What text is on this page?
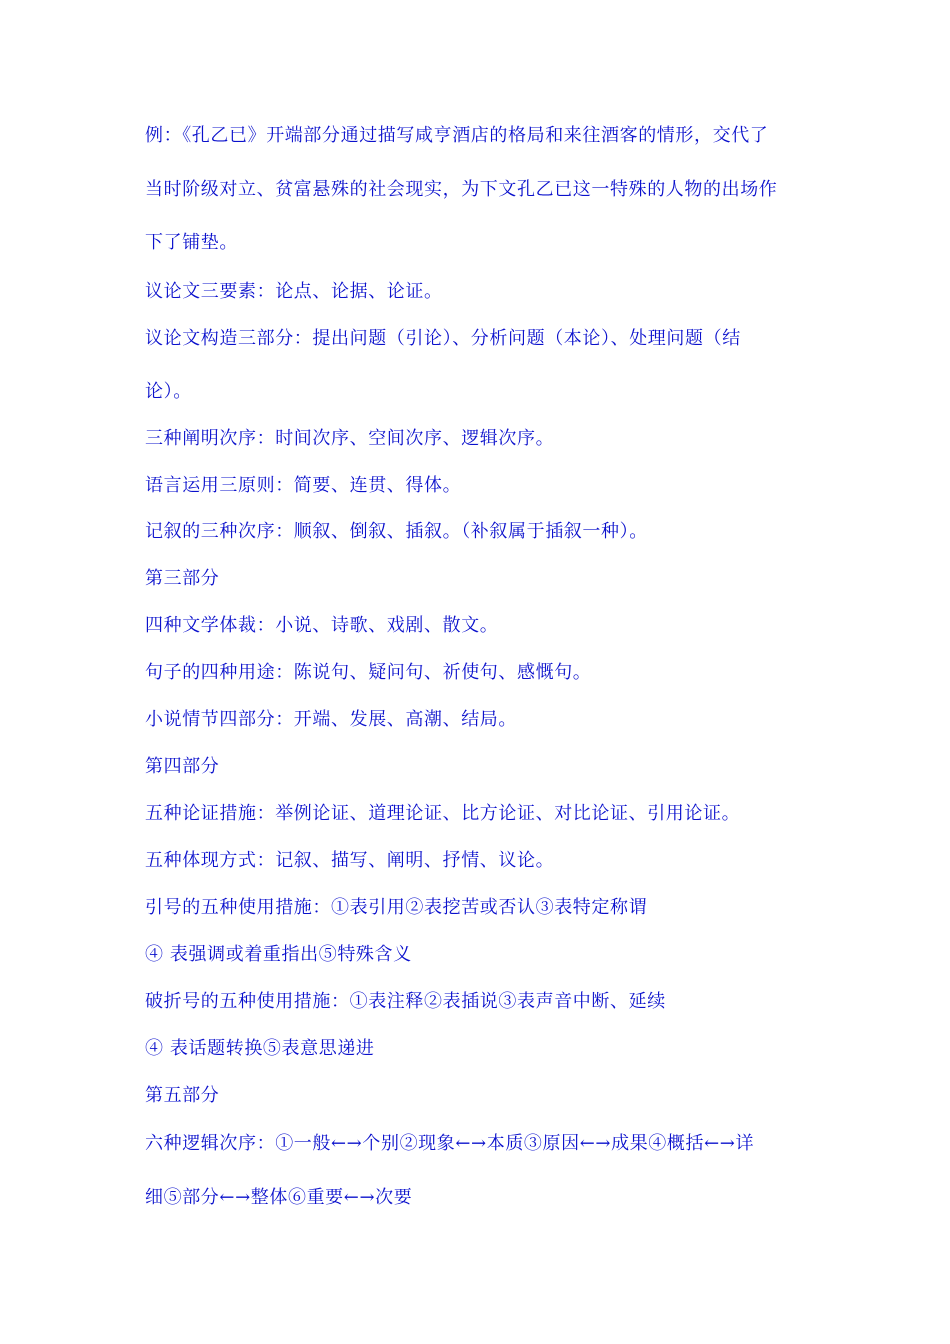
例：《孔乙已》开端部分通过描写咸亨酒店的格局和来往酒客的情形，交代了
当时阶级对立、贫富悬殊的社会现实，为下文孔乙已这一特殊的人物的出场作
下了铺垫。
议论文三要素：论点、论据、论证。
议论文构造三部分：提出问题（引论）、分析问题（本论）、处理问题（结
论）。
三种阐明次序：时间次序、空间次序、逻辑次序。
语言运用三原则：简要、连贯、得体。
记叙的三种次序：顺叙、倒叙、插叙。（补叙属于插叙一种）。
第三部分
四种文学体裁：小说、诗歌、戏剧、散文。
句子的四种用途：陈说句、疑问句、祈使句、感慨句。
小说情节四部分：开端、发展、高潮、结局。
第四部分
五种论证措施：举例论证、道理论证、比方论证、对比论证、引用论证。
五种体现方式：记叙、描写、阐明、抒情、议论。
引号的五种使用措施：①表引用②表挖苦或否认③表特定称谓
④ 表强调或着重指出⑤特殊含义
破折号的五种使用措施：①表注释②表插说③表声音中断、延续
④ 表话题转换⑤表意思递进
第五部分
六种逻辑次序：①一般←→个别②现象←→本质③原因←→成果④概括←→详
细⑤部分←→整体⑥重要←→次要
